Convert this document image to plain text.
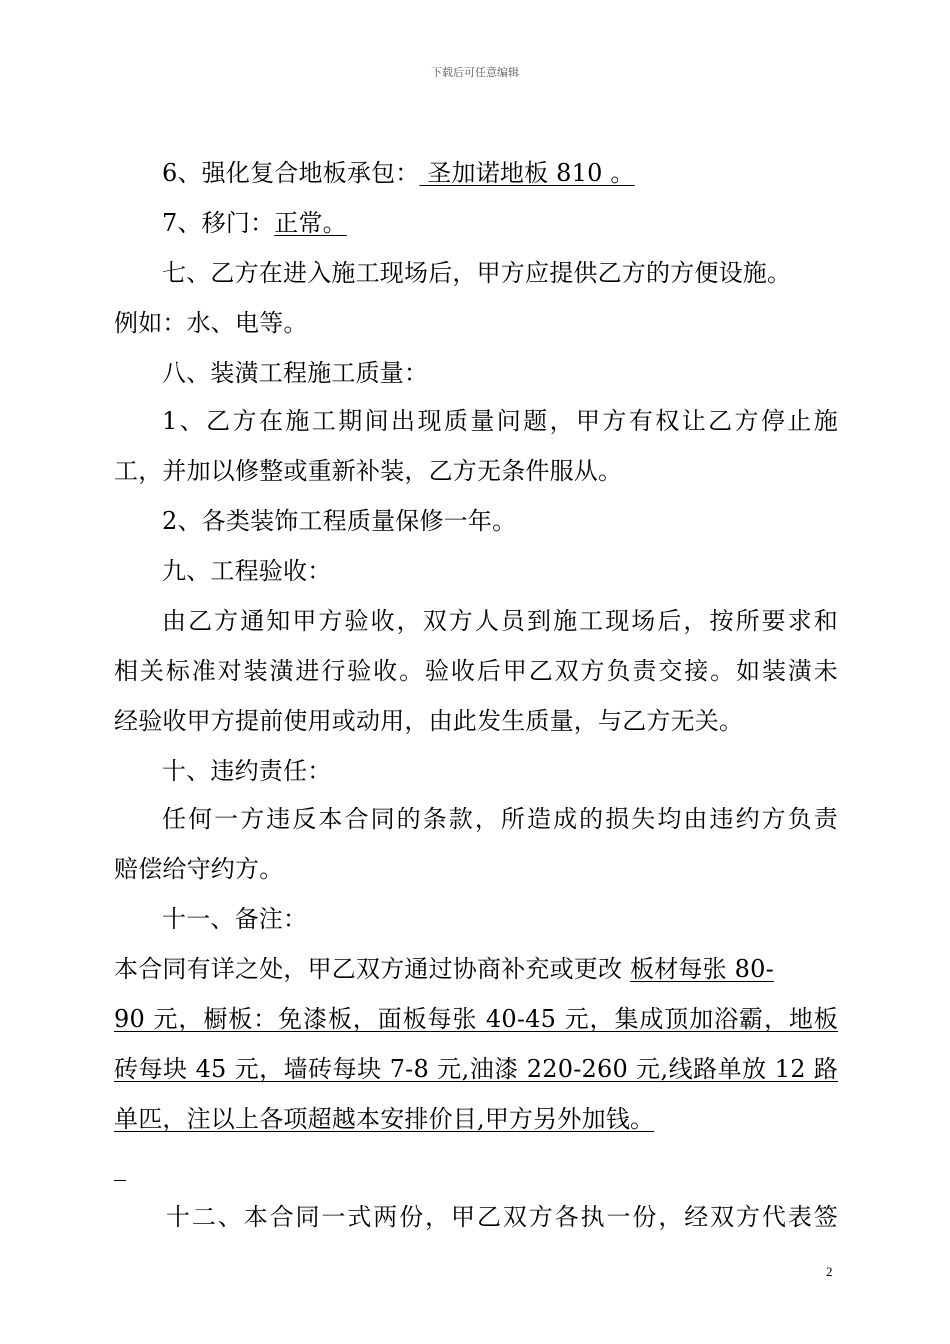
下载后可任意编辑
6、强化复合地板承包： 圣加诺地板 810 。
7、移门：正常。
七、乙方在进入施工现场后，甲方应提供乙方的方便设施。
例如：水、电等。
八、装潢工程施工质量：
1、乙方在施工期间出现质量问题，甲方有权让乙方停止施
工，并加以修整或重新补装，乙方无条件服从。
2、各类装饰工程质量保修一年。
九、工程验收：
由乙方通知甲方验收，双方人员到施工现场后，按所要求和
相关标准对装潢进行验收。验收后甲乙双方负责交接。如装潢未
经验收甲方提前使用或动用，由此发生质量，与乙方无关。
十、违约责任：
任何一方违反本合同的条款，所造成的损失均由违约方负责
赔偿给守约方。
十一、备注：
本合同有详之处，甲乙双方通过协商补充或更改 板材每张 80-
90 元，橱板：免漆板，面板每张 40-45 元，集成顶加浴霸，地板
砖每块 45 元，墙砖每块 7-8 元,油漆 220-260 元,线路单放 12 路
单匹，注以上各项超越本安排价目,甲方另外加钱。
十二、本合同一式两份，甲乙双方各执一份，经双方代表签
2
